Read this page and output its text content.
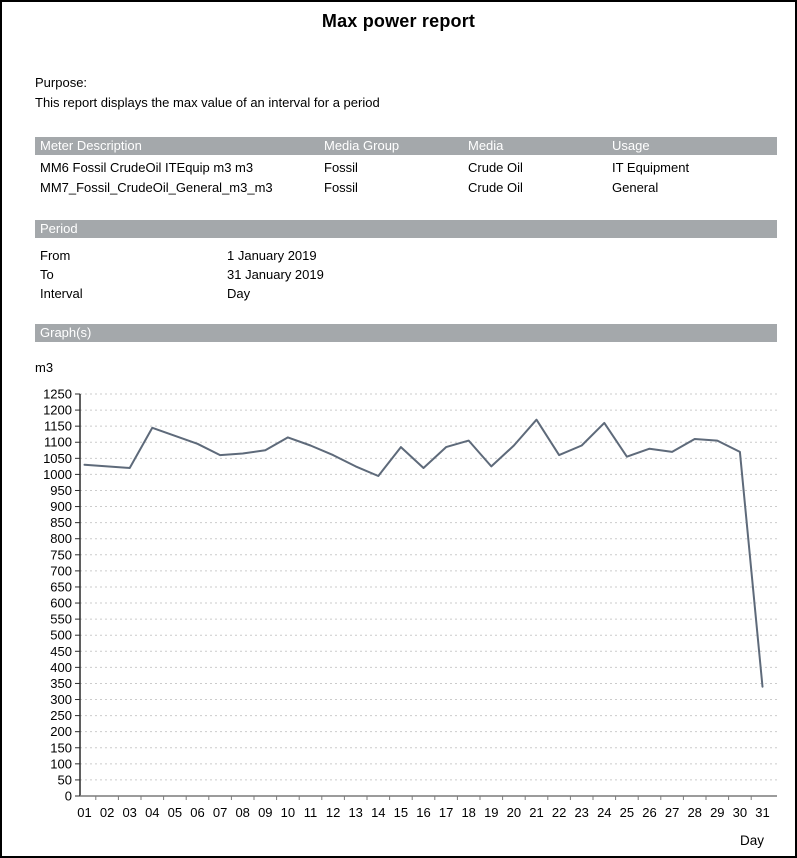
Max power report
Purpose:
This report displays the max value of an interval for a period
Meter Description	Media Group	Media	Usage
MM6 Fossil CrudeOil ITEquip m3 m3	Fossil	Crude Oil	IT Equipment
MM7_Fossil_CrudeOil_General_m3_m3	Fossil	Crude Oil	General
Period
From	1 January 2019
To	31 January 2019
Interval	Day
Graph(s)
m3
0
50
100
150
200
250
300
350
400
450
500
550
600
650
700
750
800
850
900
950
1000
1050
1100
1150
1200
1250
01 02 03 04 05 06 07 08 09 10 11 12 13 14 15 16 17 18 19 20 21 22 23 24 25 26 27 28 29 30 31
Day
